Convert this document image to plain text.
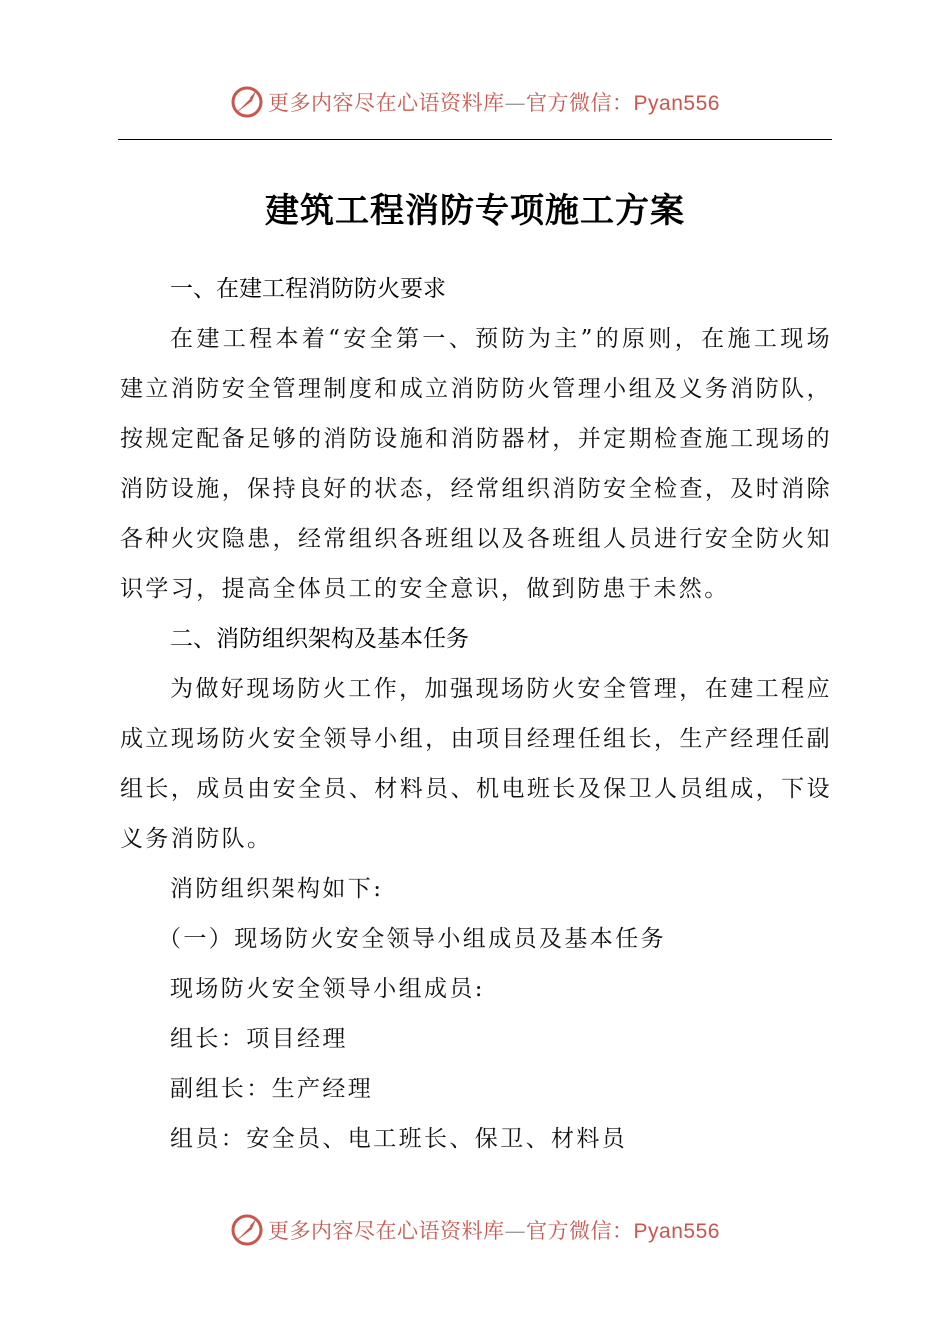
更多内容尽在心语资料库—官方微信：Pyan556
建筑工程消防专项施工方案

一、在建工程消防防火要求

在建工程本着“安全第一、预防为主”的原则，在施工现场建立消防安全管理制度和成立消防防火管理小组及义务消防队，按规定配备足够的消防设施和消防器材，并定期检查施工现场的消防设施，保持良好的状态，经常组织消防安全检查，及时消除各种火灾隐患，经常组织各班组以及各班组人员进行安全防火知识学习，提高全体员工的安全意识，做到防患于未然。

二、消防组织架构及基本任务

为做好现场防火工作，加强现场防火安全管理，在建工程应成立现场防火安全领导小组，由项目经理任组长，生产经理任副组长，成员由安全员、材料员、机电班长及保卫人员组成，下设义务消防队。

消防组织架构如下:

（一）现场防火安全领导小组成员及基本任务

现场防火安全领导小组成员:

组长：项目经理

副组长：生产经理

组员：安全员、电工班长、保卫、材料员

更多内容尽在心语资料库—官方微信：Pyan556
